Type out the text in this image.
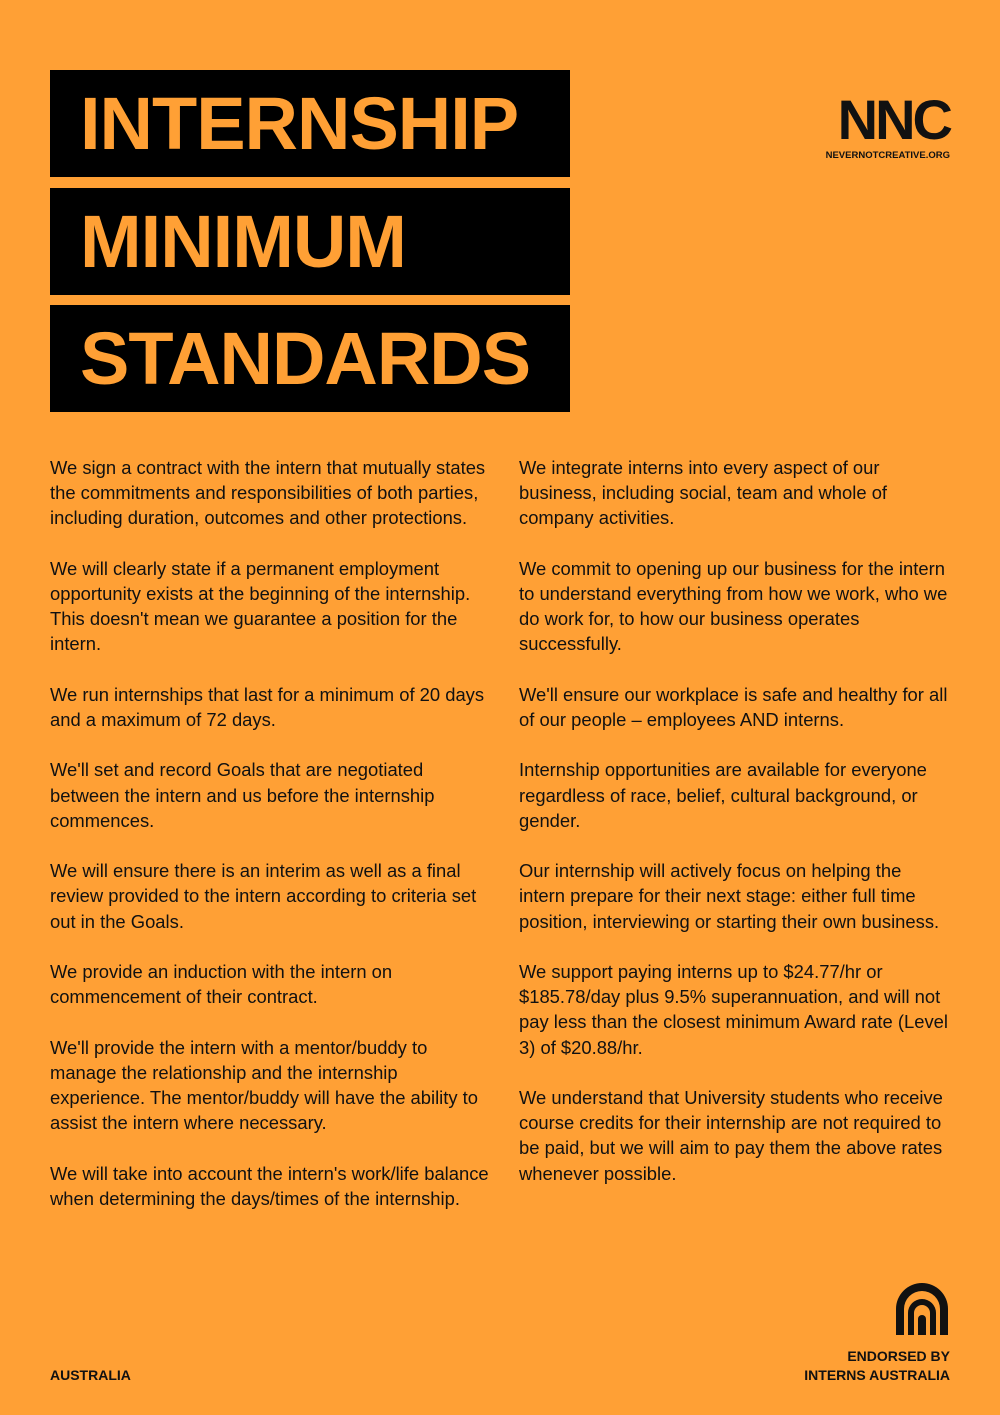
INTERNSHIP
MINIMUM
STANDARDS
NNC
NEVERNOTCREATIVE.ORG

We sign a contract with the intern that mutually states the commitments and responsibilities of both parties, including duration, outcomes and other protections.

We will clearly state if a permanent employment opportunity exists at the beginning of the internship. This doesn't mean we guarantee a position for the intern.

We run internships that last for a minimum of 20 days and a maximum of 72 days.

We'll set and record Goals that are negotiated between the intern and us before the internship commences.

We will ensure there is an interim as well as a final review provided to the intern according to criteria set out in the Goals.

We provide an induction with the intern on commencement of their contract.

We'll provide the intern with a mentor/buddy to manage the relationship and the internship experience. The mentor/buddy will have the ability to assist the intern where necessary.

We will take into account the intern's work/life balance when determining the days/times of the internship.

We integrate interns into every aspect of our business, including social, team and whole of company activities.

We commit to opening up our business for the intern to understand everything from how we work, who we do work for, to how our business operates successfully.

We'll ensure our workplace is safe and healthy for all of our people – employees AND interns.

Internship opportunities are available for everyone regardless of race, belief, cultural background, or gender.

Our internship will actively focus on helping the intern prepare for their next stage: either full time position, interviewing or starting their own business.

We support paying interns up to $24.77/hr or $185.78/day plus 9.5% superannuation, and will not pay less than the closest minimum Award rate (Level 3) of $20.88/hr.

We understand that University students who receive course credits for their internship are not required to be paid, but we will aim to pay them the above rates whenever possible.

AUSTRALIA
ENDORSED BY
INTERNS AUSTRALIA
